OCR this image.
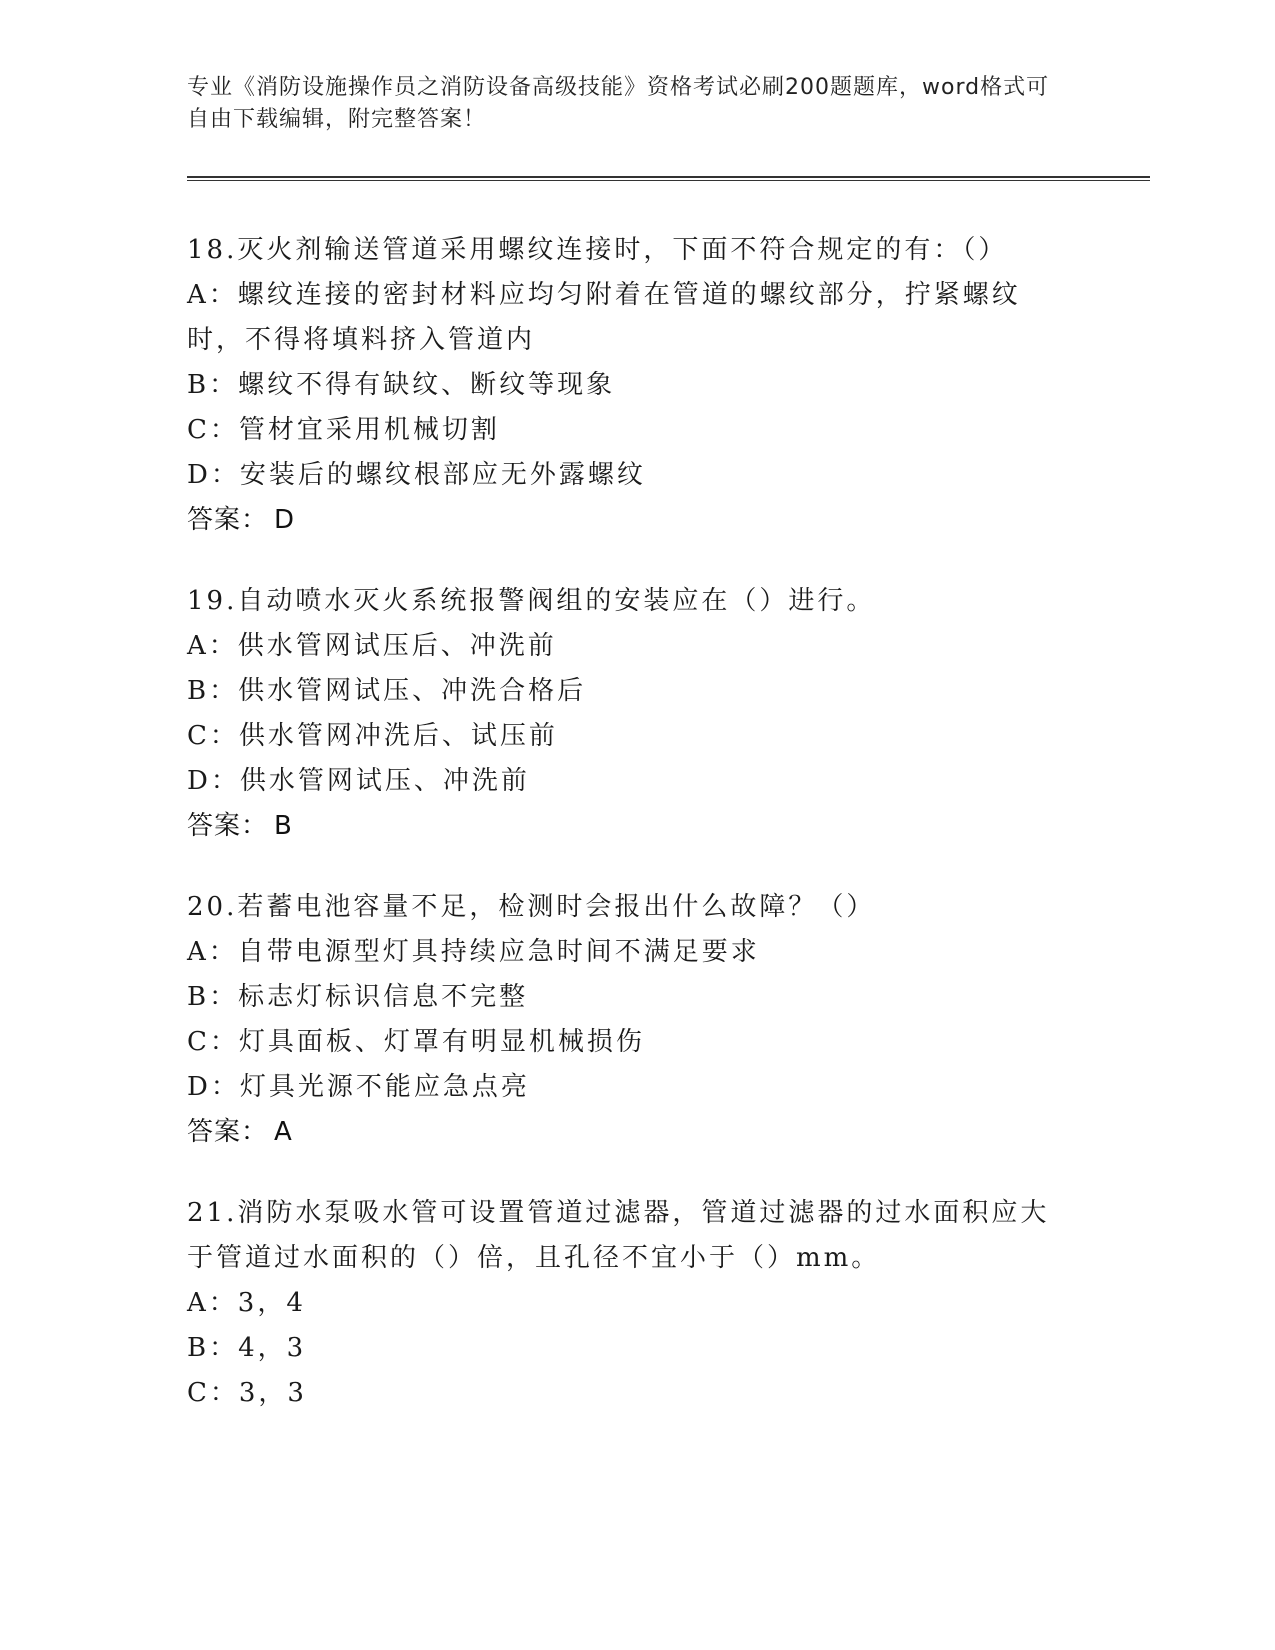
专业《消防设施操作员之消防设备高级技能》资格考试必刷200题题库，word格式可自由下载编辑，附完整答案！
18.灭火剂输送管道采用螺纹连接时，下面不符合规定的有：（）
A：螺纹连接的密封材料应均匀附着在管道的螺纹部分，拧紧螺纹时，不得将填料挤入管道内
B：螺纹不得有缺纹、断纹等现象
C：管材宜采用机械切割
D：安装后的螺纹根部应无外露螺纹
答案： D
19.自动喷水灭火系统报警阀组的安装应在（）进行。
A：供水管网试压后、冲洗前
B：供水管网试压、冲洗合格后
C：供水管网冲洗后、试压前
D：供水管网试压、冲洗前
答案： B
20.若蓄电池容量不足，检测时会报出什么故障？（）
A：自带电源型灯具持续应急时间不满足要求
B：标志灯标识信息不完整
C：灯具面板、灯罩有明显机械损伤
D：灯具光源不能应急点亮
答案： A
21.消防水泵吸水管可设置管道过滤器，管道过滤器的过水面积应大于管道过水面积的（）倍，且孔径不宜小于（）mm。
A：3，4
B：4，3
C：3，3
